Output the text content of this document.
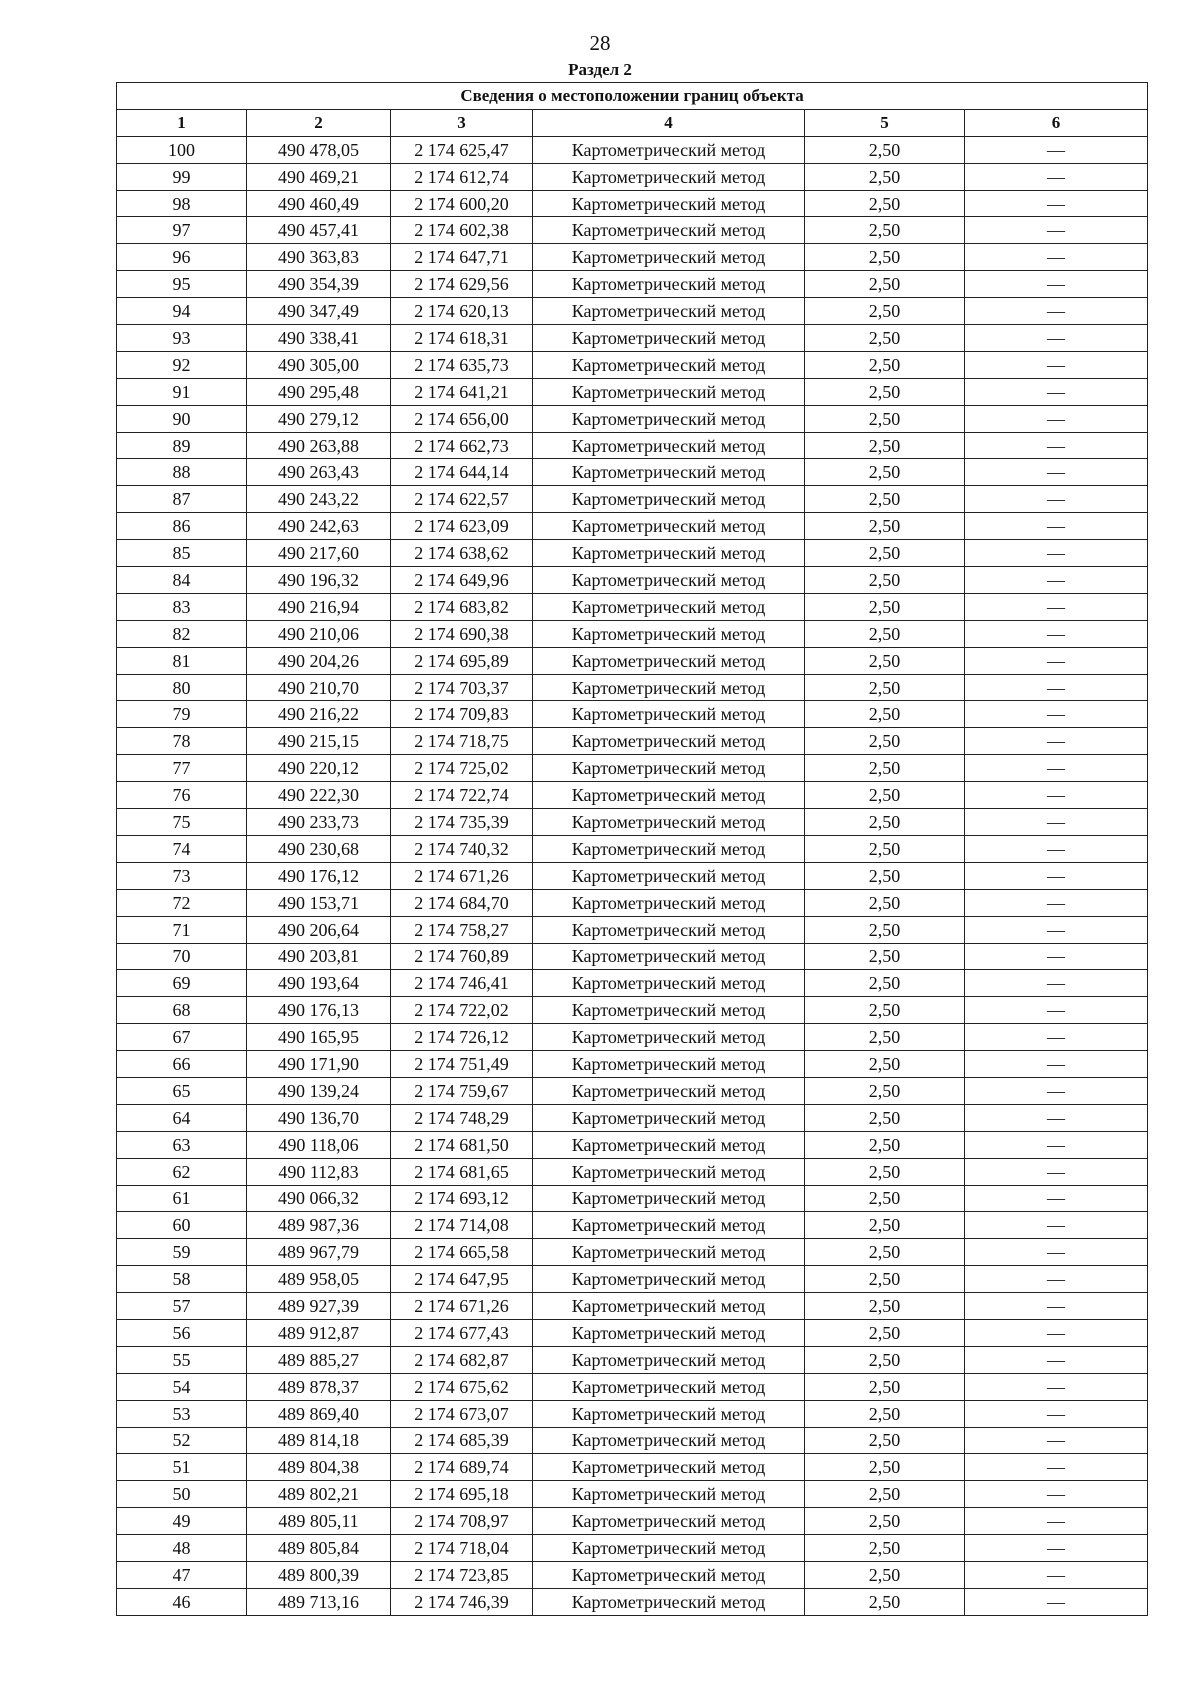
28
Раздел 2
Сведения о местоположении границ объекта					
1	2	3	4	5	6
100	490 478,05	2 174 625,47	Картометрический метод	2,50	—
99	490 469,21	2 174 612,74	Картометрический метод	2,50	—
98	490 460,49	2 174 600,20	Картометрический метод	2,50	—
97	490 457,41	2 174 602,38	Картометрический метод	2,50	—
96	490 363,83	2 174 647,71	Картометрический метод	2,50	—
95	490 354,39	2 174 629,56	Картометрический метод	2,50	—
94	490 347,49	2 174 620,13	Картометрический метод	2,50	—
93	490 338,41	2 174 618,31	Картометрический метод	2,50	—
92	490 305,00	2 174 635,73	Картометрический метод	2,50	—
91	490 295,48	2 174 641,21	Картометрический метод	2,50	—
90	490 279,12	2 174 656,00	Картометрический метод	2,50	—
89	490 263,88	2 174 662,73	Картометрический метод	2,50	—
88	490 263,43	2 174 644,14	Картометрический метод	2,50	—
87	490 243,22	2 174 622,57	Картометрический метод	2,50	—
86	490 242,63	2 174 623,09	Картометрический метод	2,50	—
85	490 217,60	2 174 638,62	Картометрический метод	2,50	—
84	490 196,32	2 174 649,96	Картометрический метод	2,50	—
83	490 216,94	2 174 683,82	Картометрический метод	2,50	—
82	490 210,06	2 174 690,38	Картометрический метод	2,50	—
81	490 204,26	2 174 695,89	Картометрический метод	2,50	—
80	490 210,70	2 174 703,37	Картометрический метод	2,50	—
79	490 216,22	2 174 709,83	Картометрический метод	2,50	—
78	490 215,15	2 174 718,75	Картометрический метод	2,50	—
77	490 220,12	2 174 725,02	Картометрический метод	2,50	—
76	490 222,30	2 174 722,74	Картометрический метод	2,50	—
75	490 233,73	2 174 735,39	Картометрический метод	2,50	—
74	490 230,68	2 174 740,32	Картометрический метод	2,50	—
73	490 176,12	2 174 671,26	Картометрический метод	2,50	—
72	490 153,71	2 174 684,70	Картометрический метод	2,50	—
71	490 206,64	2 174 758,27	Картометрический метод	2,50	—
70	490 203,81	2 174 760,89	Картометрический метод	2,50	—
69	490 193,64	2 174 746,41	Картометрический метод	2,50	—
68	490 176,13	2 174 722,02	Картометрический метод	2,50	—
67	490 165,95	2 174 726,12	Картометрический метод	2,50	—
66	490 171,90	2 174 751,49	Картометрический метод	2,50	—
65	490 139,24	2 174 759,67	Картометрический метод	2,50	—
64	490 136,70	2 174 748,29	Картометрический метод	2,50	—
63	490 118,06	2 174 681,50	Картометрический метод	2,50	—
62	490 112,83	2 174 681,65	Картометрический метод	2,50	—
61	490 066,32	2 174 693,12	Картометрический метод	2,50	—
60	489 987,36	2 174 714,08	Картометрический метод	2,50	—
59	489 967,79	2 174 665,58	Картометрический метод	2,50	—
58	489 958,05	2 174 647,95	Картометрический метод	2,50	—
57	489 927,39	2 174 671,26	Картометрический метод	2,50	—
56	489 912,87	2 174 677,43	Картометрический метод	2,50	—
55	489 885,27	2 174 682,87	Картометрический метод	2,50	—
54	489 878,37	2 174 675,62	Картометрический метод	2,50	—
53	489 869,40	2 174 673,07	Картометрический метод	2,50	—
52	489 814,18	2 174 685,39	Картометрический метод	2,50	—
51	489 804,38	2 174 689,74	Картометрический метод	2,50	—
50	489 802,21	2 174 695,18	Картометрический метод	2,50	—
49	489 805,11	2 174 708,97	Картометрический метод	2,50	—
48	489 805,84	2 174 718,04	Картометрический метод	2,50	—
47	489 800,39	2 174 723,85	Картометрический метод	2,50	—
46	489 713,16	2 174 746,39	Картометрический метод	2,50	—
